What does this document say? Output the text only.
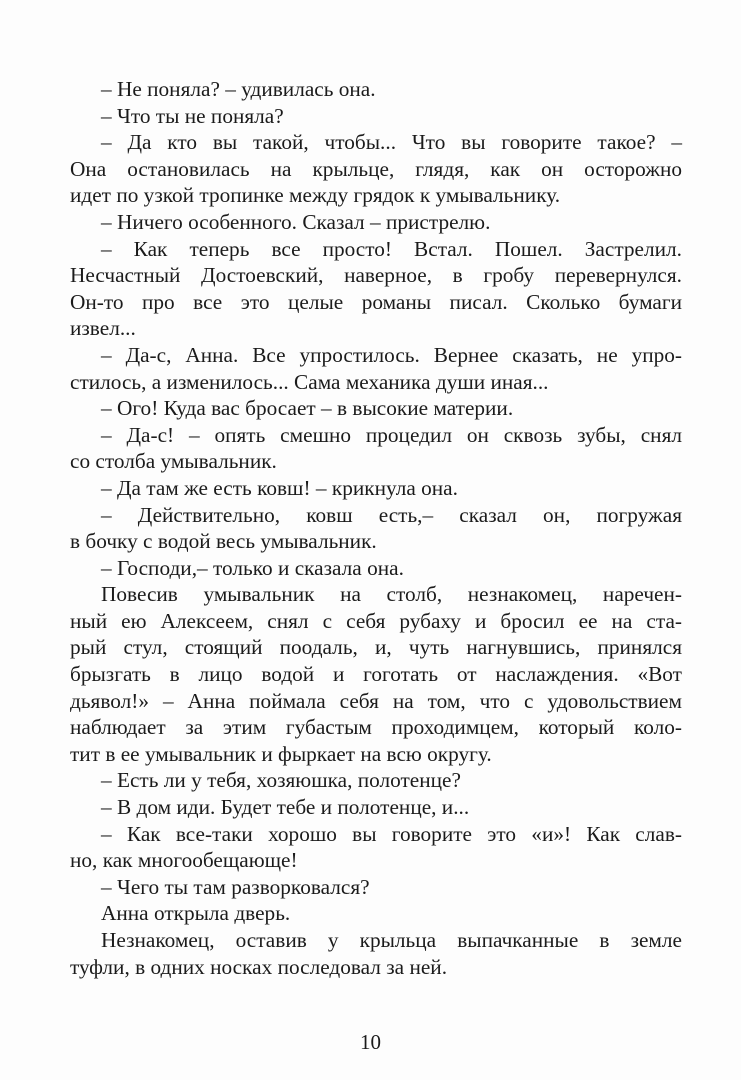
– Не поняла? – удивилась она.
– Что ты не поняла?
– Да кто вы такой, чтобы... Что вы говорите такое? –
Она остановилась на крыльце, глядя, как он осторожно
идет по узкой тропинке между грядок к умывальнику.
– Ничего особенного. Сказал – пристрелю.
– Как теперь все просто! Встал. Пошел. Застрелил.
Несчастный Достоевский, наверное, в гробу перевернулся.
Он-то про все это целые романы писал. Сколько бумаги
извел...
– Да-с, Анна. Все упростилось. Вернее сказать, не упро-
стилось, а изменилось... Сама механика души иная...
– Ого! Куда вас бросает – в высокие материи.
– Да-с! – опять смешно процедил он сквозь зубы, снял
со столба умывальник.
– Да там же есть ковш! – крикнула она.
– Действительно, ковш есть,– сказал он, погружая
в бочку с водой весь умывальник.
– Господи,– только и сказала она.
Повесив умывальник на столб, незнакомец, наречен-
ный ею Алексеем, снял с себя рубаху и бросил ее на ста-
рый стул, стоящий поодаль, и, чуть нагнувшись, принялся
брызгать в лицо водой и гоготать от наслаждения. «Вот
дьявол!» – Анна поймала себя на том, что с удовольствием
наблюдает за этим губастым проходимцем, который коло-
тит в ее умывальник и фыркает на всю округу.
– Есть ли у тебя, хозяюшка, полотенце?
– В дом иди. Будет тебе и полотенце, и...
– Как все-таки хорошо вы говорите это «и»! Как слав-
но, как многообещающе!
– Чего ты там разворковался?
Анна открыла дверь.
Незнакомец, оставив у крыльца выпачканные в земле
туфли, в одних носках последовал за ней.
10
